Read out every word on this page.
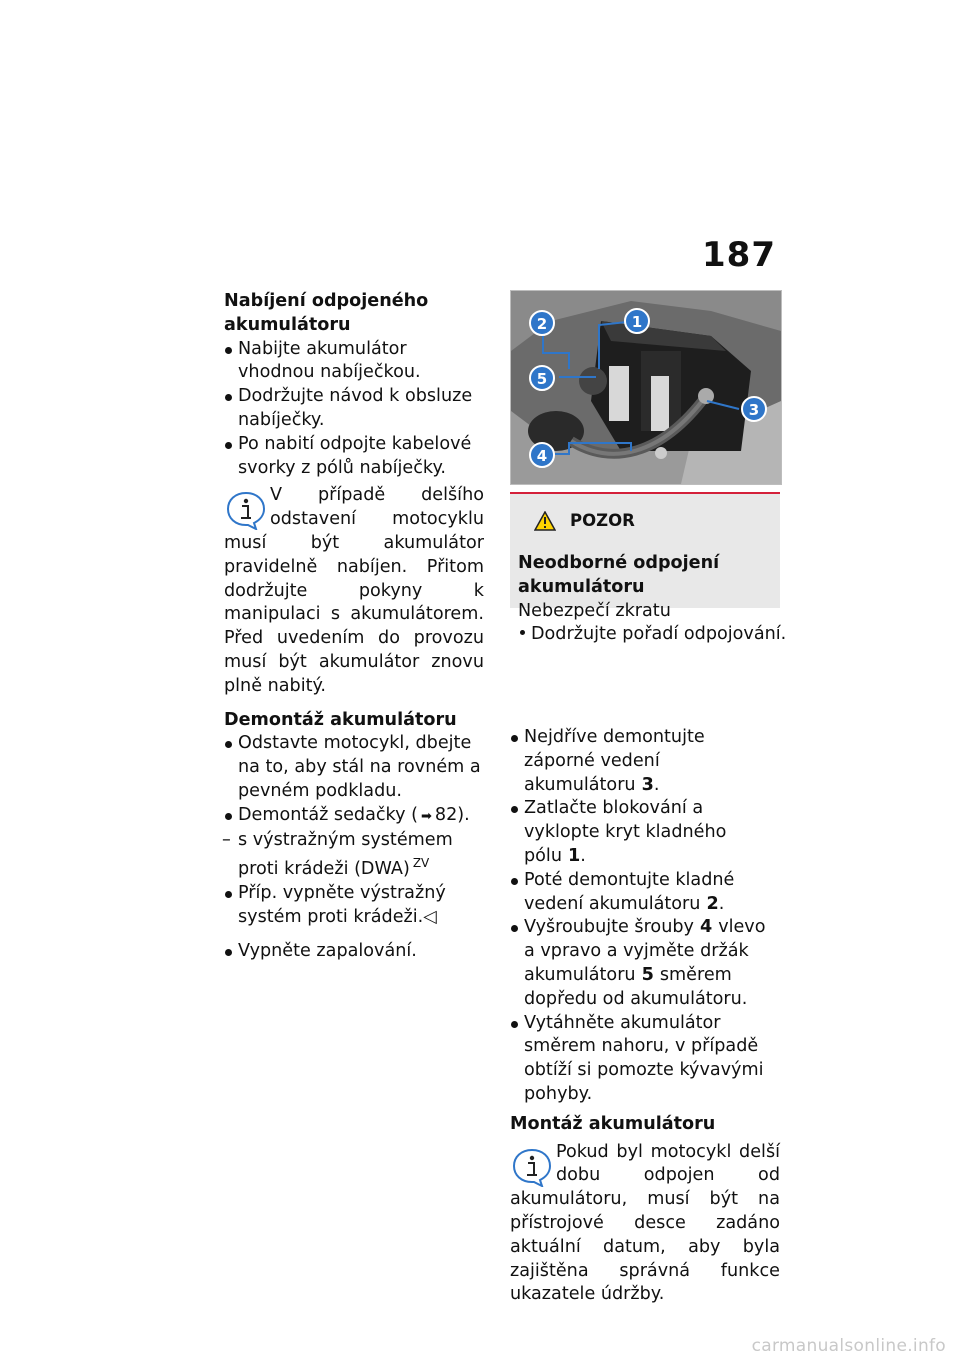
187

Nabíjení odpojeného akumulátoru

Nabijte akumulátor vhodnou nabíječkou.
Dodržujte návod k obsluze nabíječky.
Po nabití odpojte kabelové svorky z pólů nabíječky.

V případě delšího odstavení motocyklu musí být akumulátor pravidelně nabíjen. Přitom dodržujte pokyny k manipulaci s akumulátorem. Před uvedením do provozu musí být akumulátor znovu plně nabitý.

Demontáž akumulátoru

Odstavte motocykl, dbejte na to, aby stál na rovném a pevném podkladu.
Demontáž sedačky ( ➡ 82).
– s výstražným systémem proti krádeži (DWA) $^{ZV}$
Příp. vypněte výstražný systém proti krádeži.◁
Vypněte zapalování.
1
2
3
4
5
POZOR

Neodborné odpojení akumulátoru

Nebezpečí zkratu

Dodržujte pořadí odpojování.

Nejdříve demontujte záporné vedení akumulátoru 3.
Zatlačte blokování a vyklopte kryt kladného pólu 1.
Poté demontujte kladné vedení akumulátoru 2.
Vyšroubujte šrouby 4 vlevo a vpravo a vyjměte držák akumulátoru 5 směrem dopředu od akumulátoru.
Vytáhněte akumulátor směrem nahoru, v případě obtíží si pomozte kývavými pohyby.

Montáž akumulátoru

Pokud byl motocykl delší dobu odpojen od akumulátoru, musí být na přístrojové desce zadáno aktuální datum, aby byla zajištěna správná funkce ukazatele údržby.

carmanualsonline.info
